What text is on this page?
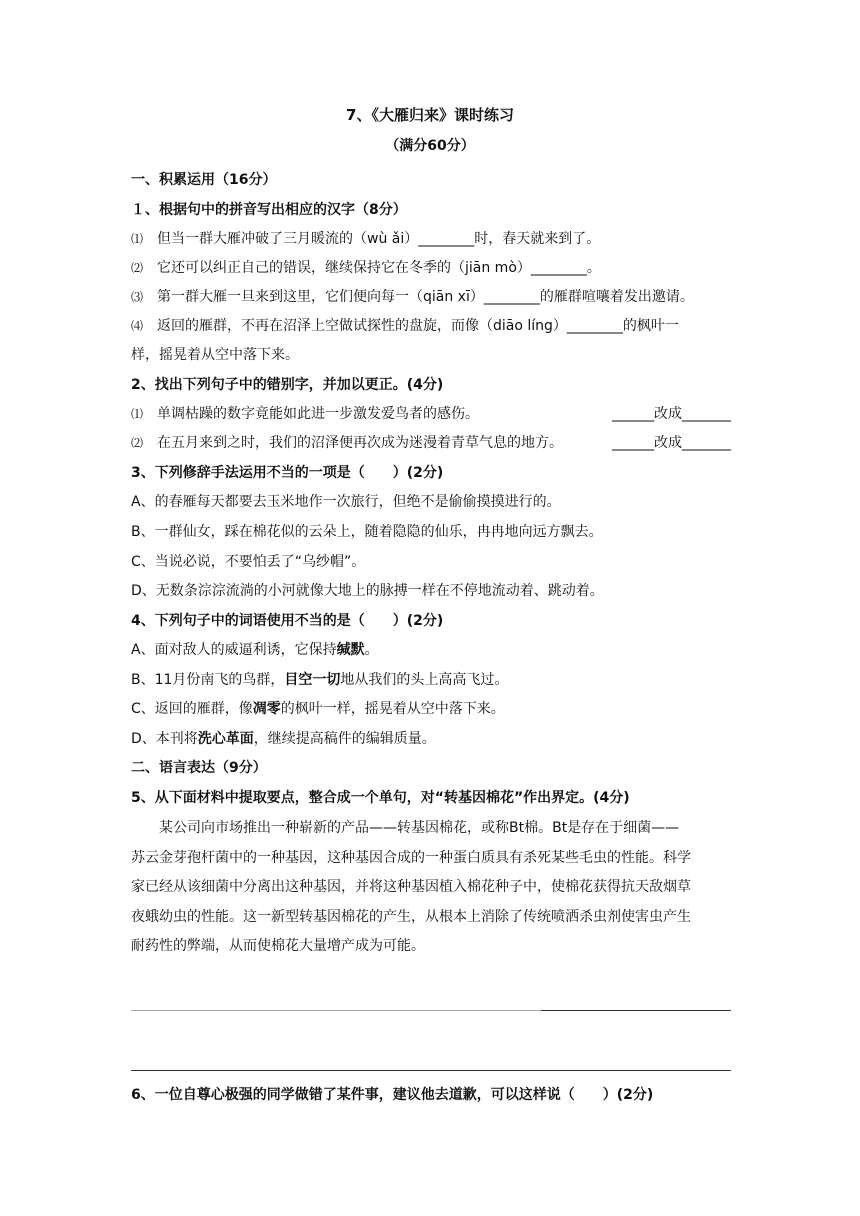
7、《大雁归来》课时练习
（满分60分）
一、积累运用（16分）
１、根据句中的拼音写出相应的汉字（8分）
⑴ 但当一群大雁冲破了三月暖流的（wù ǎi）________时，春天就来到了。
⑵ 它还可以纠正自己的错误，继续保持它在冬季的（jiān mò）________。
⑶ 第一群大雁一旦来到这里，它们便向每一（qiān xī）________的雁群喧嚷着发出邀请。
⑷ 返回的雁群，不再在沼泽上空做试探性的盘旋，而像（diāo líng）________的枫叶一
样，摇晃着从空中落下来。
2、找出下列句子中的错别字，并加以更正。(4分)
⑴ 单调枯躁的数字竟能如此进一步激发爱鸟者的感伤。	______改成_______
⑵ 在五月来到之时，我们的沼泽便再次成为迷漫着青草气息的地方。	______改成_______
3、下列修辞手法运用不当的一项是（　　）(2分)
A、的春雁每天都要去玉米地作一次旅行，但绝不是偷偷摸摸进行的。
B、一群仙女，踩在棉花似的云朵上，随着隐隐的仙乐，冉冉地向远方飘去。
C、当说必说，不要怕丢了“乌纱帽”。
D、无数条淙淙流淌的小河就像大地上的脉搏一样在不停地流动着、跳动着。
4、下列句子中的词语使用不当的是（　　）(2分)
A、面对敌人的威逼利诱，它保持缄默。
B、11月份南飞的鸟群，目空一切地从我们的头上高高飞过。
C、返回的雁群，像凋零的枫叶一样，摇晃着从空中落下来。
D、本刊将洗心革面，继续提高稿件的编辑质量。
二、语言表达（9分）
5、从下面材料中提取要点，整合成一个单句，对“转基因棉花”作出界定。(4分)
某公司向市场推出一种崭新的产品——转基因棉花，或称Bt棉。Bt是存在于细菌——
苏云金芽孢杆菌中的一种基因，这种基因合成的一种蛋白质具有杀死某些毛虫的性能。科学
家已经从该细菌中分离出这种基因，并将这种基因植入棉花种子中，使棉花获得抗天敌烟草
夜蛾幼虫的性能。这一新型转基因棉花的产生，从根本上消除了传统喷洒杀虫剂使害虫产生
耐药性的弊端，从而使棉花大量增产成为可能。
6、一位自尊心极强的同学做错了某件事，建议他去道歉，可以这样说（　　）(2分)
